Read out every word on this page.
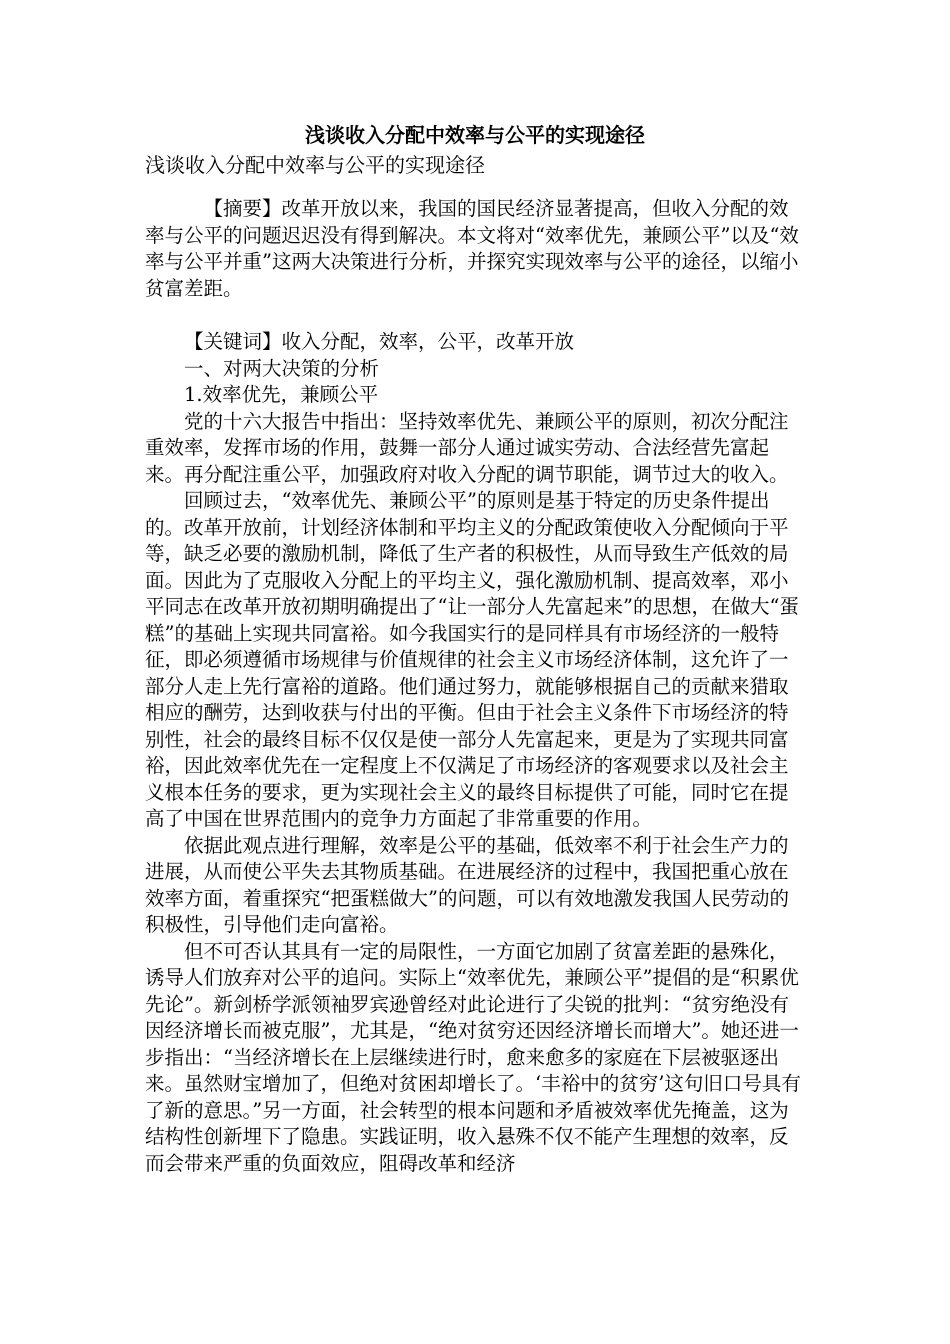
浅谈收入分配中效率与公平的实现途径
浅谈收入分配中效率与公平的实现途径

【摘要】改革开放以来，我国的国民经济显著提高，但收入分配的效率与公平的问题迟迟没有得到解决。本文将对“效率优先，兼顾公平”以及“效率与公平并重”这两大决策进行分析，并探究实现效率与公平的途径，以缩小贫富差距。

【关键词】收入分配，效率，公平，改革开放

一、对两大决策的分析

1.效率优先，兼顾公平

党的十六大报告中指出：坚持效率优先、兼顾公平的原则，初次分配注重效率，发挥市场的作用，鼓舞一部分人通过诚实劳动、合法经营先富起来。再分配注重公平，加强政府对收入分配的调节职能，调节过大的收入。

回顾过去，“效率优先、兼顾公平”的原则是基于特定的历史条件提出的。改革开放前，计划经济体制和平均主义的分配政策使收入分配倾向于平等，缺乏必要的激励机制，降低了生产者的积极性，从而导致生产低效的局面。因此为了克服收入分配上的平均主义，强化激励机制、提高效率，邓小平同志在改革开放初期明确提出了“让一部分人先富起来”的思想，在做大“蛋糕”的基础上实现共同富裕。如今我国实行的是同样具有市场经济的一般特征，即必须遵循市场规律与价值规律的社会主义市场经济体制，这允许了一部分人走上先行富裕的道路。他们通过努力，就能够根据自己的贡献来猎取相应的酬劳，达到收获与付出的平衡。但由于社会主义条件下市场经济的特别性，社会的最终目标不仅仅是使一部分人先富起来，更是为了实现共同富裕，因此效率优先在一定程度上不仅满足了市场经济的客观要求以及社会主义根本任务的要求，更为实现社会主义的最终目标提供了可能，同时它在提高了中国在世界范围内的竞争力方面起了非常重要的作用。

依据此观点进行理解，效率是公平的基础，低效率不利于社会生产力的进展，从而使公平失去其物质基础。在进展经济的过程中，我国把重心放在效率方面，着重探究“把蛋糕做大”的问题，可以有效地激发我国人民劳动的积极性，引导他们走向富裕。

但不可否认其具有一定的局限性，一方面它加剧了贫富差距的悬殊化，诱导人们放弃对公平的追问。实际上“效率优先，兼顾公平”提倡的是“积累优先论”。新剑桥学派领袖罗宾逊曾经对此论进行了尖锐的批判：“贫穷绝没有因经济增长而被克服”，尤其是，“绝对贫穷还因经济增长而增大”。她还进一步指出：“当经济增长在上层继续进行时，愈来愈多的家庭在下层被驱逐出来。虽然财宝增加了，但绝对贫困却增长了。‘丰裕中的贫穷’这句旧口号具有了新的意思。”另一方面，社会转型的根本问题和矛盾被效率优先掩盖，这为结构性创新埋下了隐患。实践证明，收入悬殊不仅不能产生理想的效率，反而会带来严重的负面效应，阻碍改革和经济
